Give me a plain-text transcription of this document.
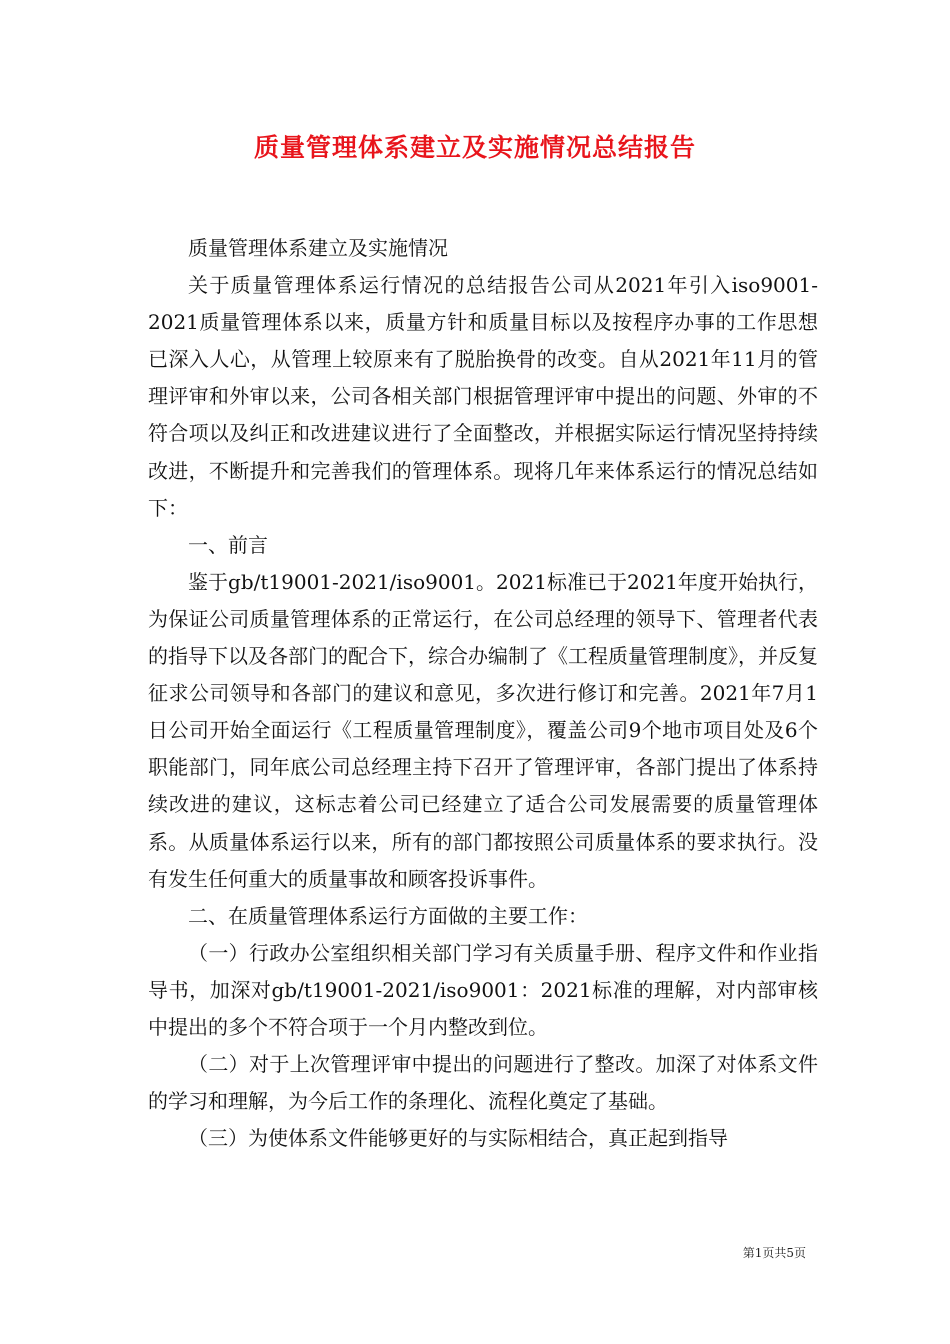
质量管理体系建立及实施情况总结报告

质量管理体系建立及实施情况

关于质量管理体系运行情况的总结报告公司从2021年引入iso9001-2021质量管理体系以来，质量方针和质量目标以及按程序办事的工作思想已深入人心，从管理上较原来有了脱胎换骨的改变。自从2021年11月的管理评审和外审以来，公司各相关部门根据管理评审中提出的问题、外审的不符合项以及纠正和改进建议进行了全面整改，并根据实际运行情况坚持持续改进，不断提升和完善我们的管理体系。现将几年来体系运行的情况总结如下：

一、前言

鉴于gb/t19001-2021/iso9001。2021标准已于2021年度开始执行，为保证公司质量管理体系的正常运行，在公司总经理的领导下、管理者代表的指导下以及各部门的配合下，综合办编制了《工程质量管理制度》，并反复征求公司领导和各部门的建议和意见，多次进行修订和完善。2021年7月1日公司开始全面运行《工程质量管理制度》，覆盖公司9个地市项目处及6个职能部门，同年底公司总经理主持下召开了管理评审，各部门提出了体系持续改进的建议，这标志着公司已经建立了适合公司发展需要的质量管理体系。从质量体系运行以来，所有的部门都按照公司质量体系的要求执行。没有发生任何重大的质量事故和顾客投诉事件。

二、在质量管理体系运行方面做的主要工作：

（一）行政办公室组织相关部门学习有关质量手册、程序文件和作业指导书，加深对gb/t19001-2021/iso9001：2021标准的理解，对内部审核中提出的多个不符合项于一个月内整改到位。

（二）对于上次管理评审中提出的问题进行了整改。加深了对体系文件的学习和理解，为今后工作的条理化、流程化奠定了基础。

（三）为使体系文件能够更好的与实际相结合，真正起到指导

第1页共5页
